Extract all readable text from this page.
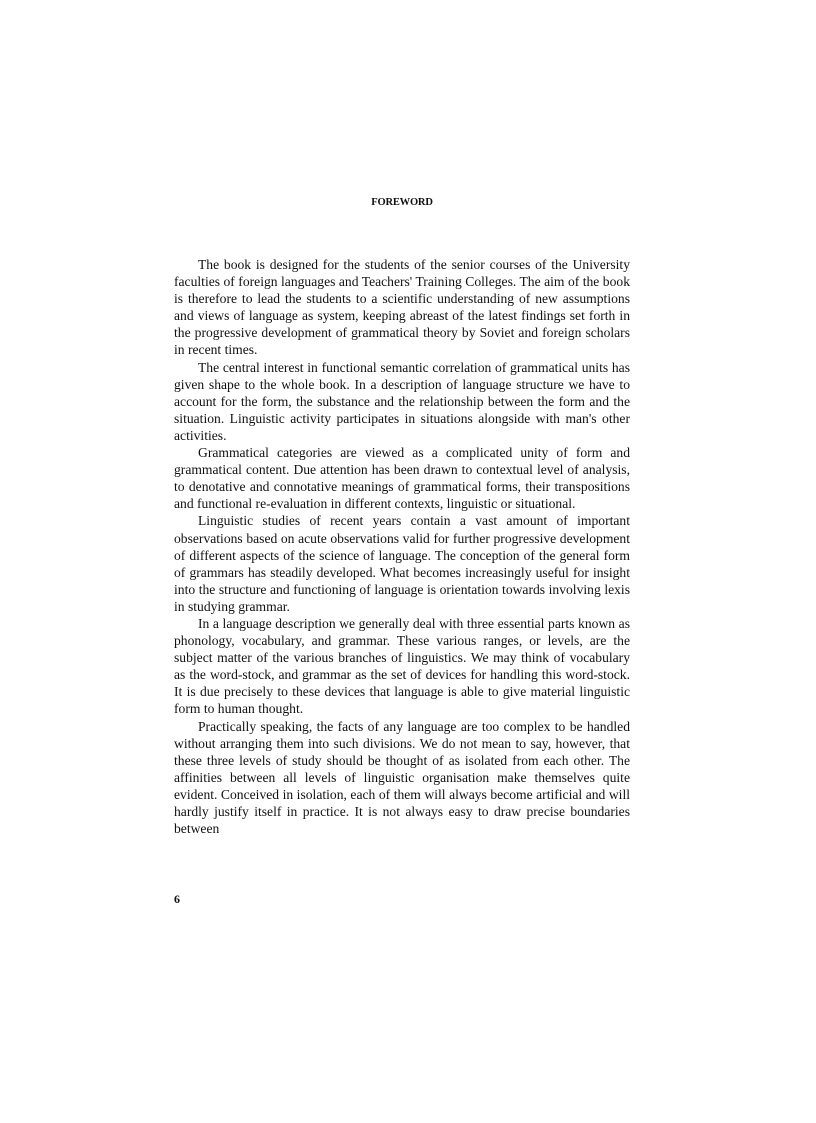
FOREWORD

The book is designed for the students of the senior courses of the University faculties of foreign languages and Teachers' Training Colleges. The aim of the book is therefore to lead the students to a scientific understanding of new assumptions and views of language as system, keeping abreast of the latest findings set forth in the progressive development of grammatical theory by Soviet and foreign scholars in recent times.

The central interest in functional semantic correlation of grammatical units has given shape to the whole book. In a description of language structure we have to account for the form, the substance and the relationship between the form and the situation. Linguistic activity participates in situations alongside with man's other activities.

Grammatical categories are viewed as a complicated unity of form and grammatical content. Due attention has been drawn to contextual level of analysis, to denotative and connotative meanings of grammatical forms, their transpositions and functional re-evaluation in different contexts, linguistic or situational.

Linguistic studies of recent years contain a vast amount of important observations based on acute observations valid for further progressive development of different aspects of the science of language. The conception of the general form of grammars has steadily developed. What becomes increasingly useful for insight into the structure and functioning of language is orientation towards involving lexis in studying grammar.

In a language description we generally deal with three essential parts known as phonology, vocabulary, and grammar. These various ranges, or levels, are the subject matter of the various branches of linguistics. We may think of vocabulary as the word-stock, and grammar as the set of devices for handling this word-stock. It is due precisely to these devices that language is able to give material linguistic form to human thought.

Practically speaking, the facts of any language are too complex to be handled without arranging them into such divisions. We do not mean to say, however, that these three levels of study should be thought of as isolated from each other. The affinities between all levels of linguistic organisation make themselves quite evident. Conceived in isolation, each of them will always become artificial and will hardly justify itself in practice. It is not always easy to draw precise boundaries between

6
